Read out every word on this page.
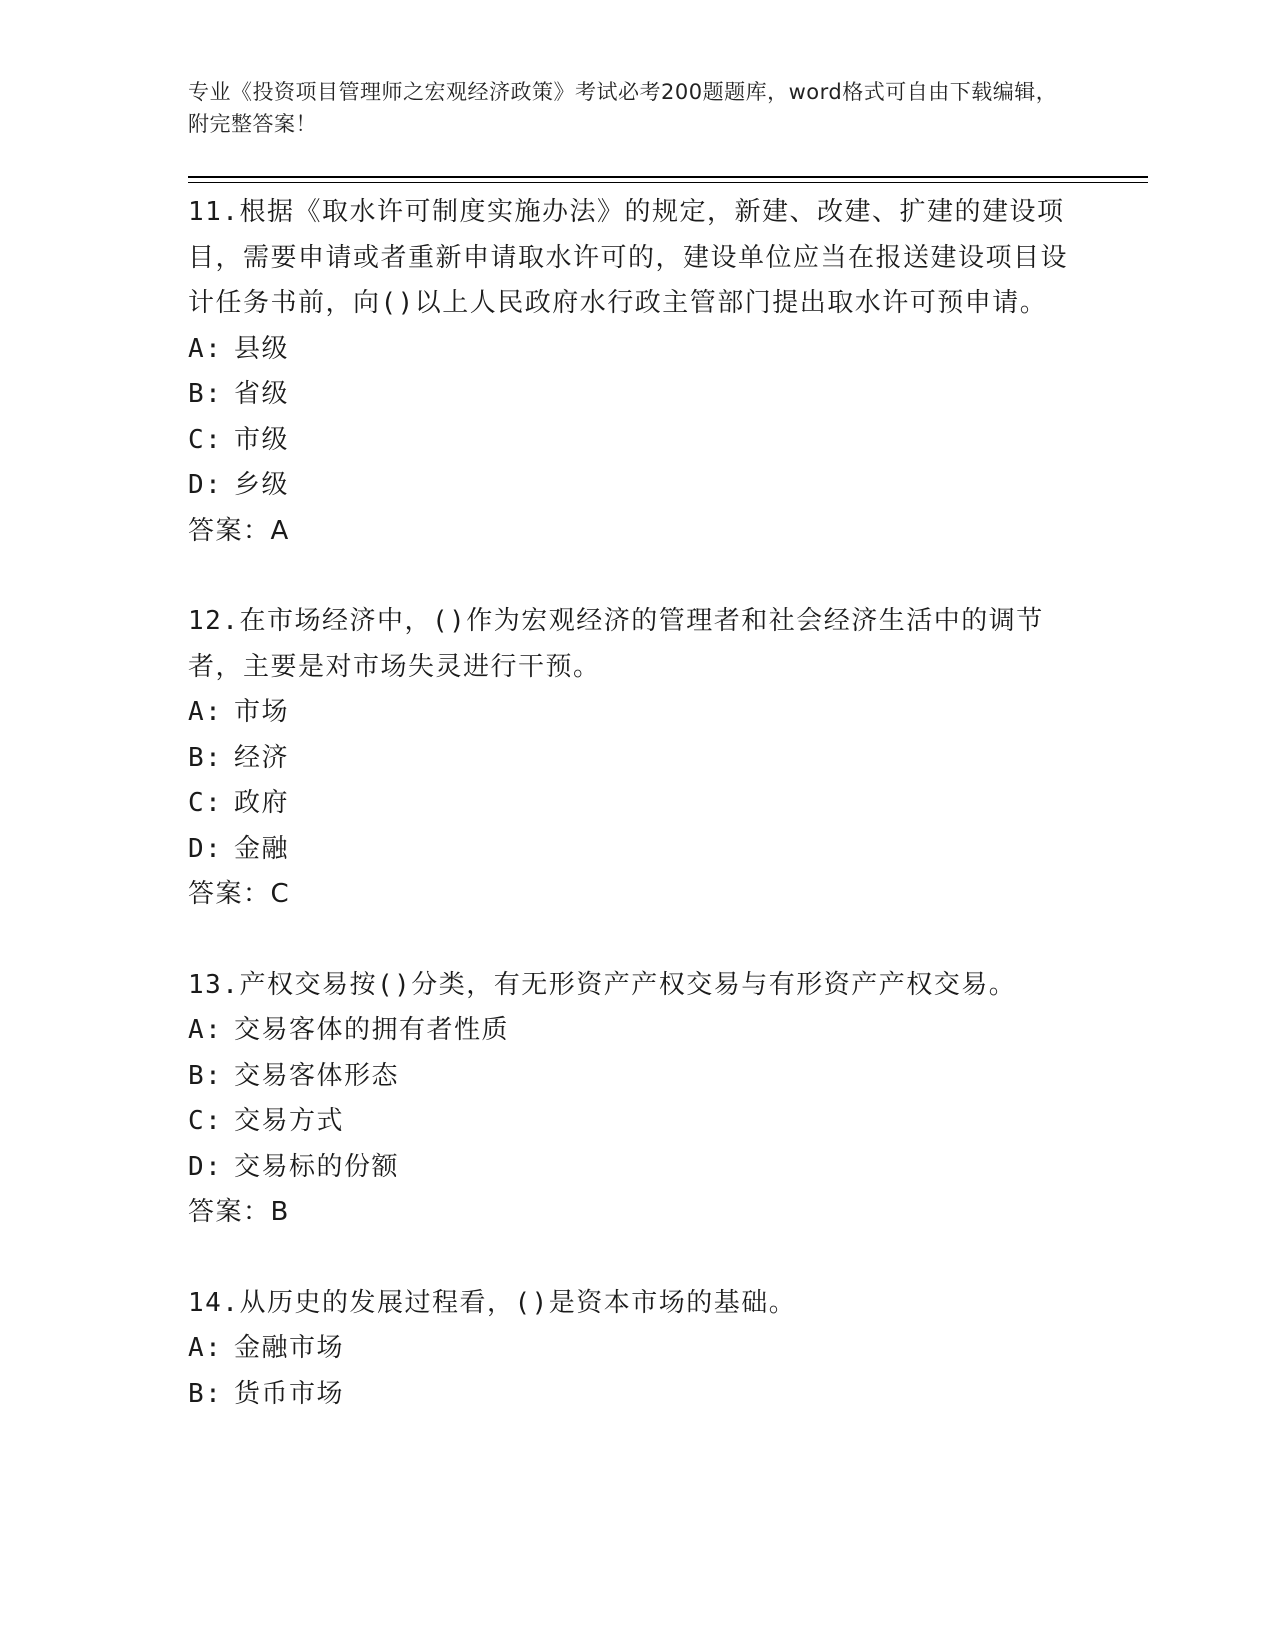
专业《投资项目管理师之宏观经济政策》考试必考200题题库，word格式可自由下载编辑，附完整答案！
11.根据《取水许可制度实施办法》的规定，新建、改建、扩建的建设项目，需要申请或者重新申请取水许可的，建设单位应当在报送建设项目设计任务书前，向()以上人民政府水行政主管部门提出取水许可预申请。
A: 县级
B: 省级
C: 市级
D: 乡级
答案：A
12.在市场经济中，()作为宏观经济的管理者和社会经济生活中的调节者，主要是对市场失灵进行干预。
A: 市场
B: 经济
C: 政府
D: 金融
答案：C
13.产权交易按()分类，有无形资产产权交易与有形资产产权交易。
A: 交易客体的拥有者性质
B: 交易客体形态
C: 交易方式
D: 交易标的份额
答案：B
14.从历史的发展过程看，()是资本市场的基础。
A: 金融市场
B: 货币市场
